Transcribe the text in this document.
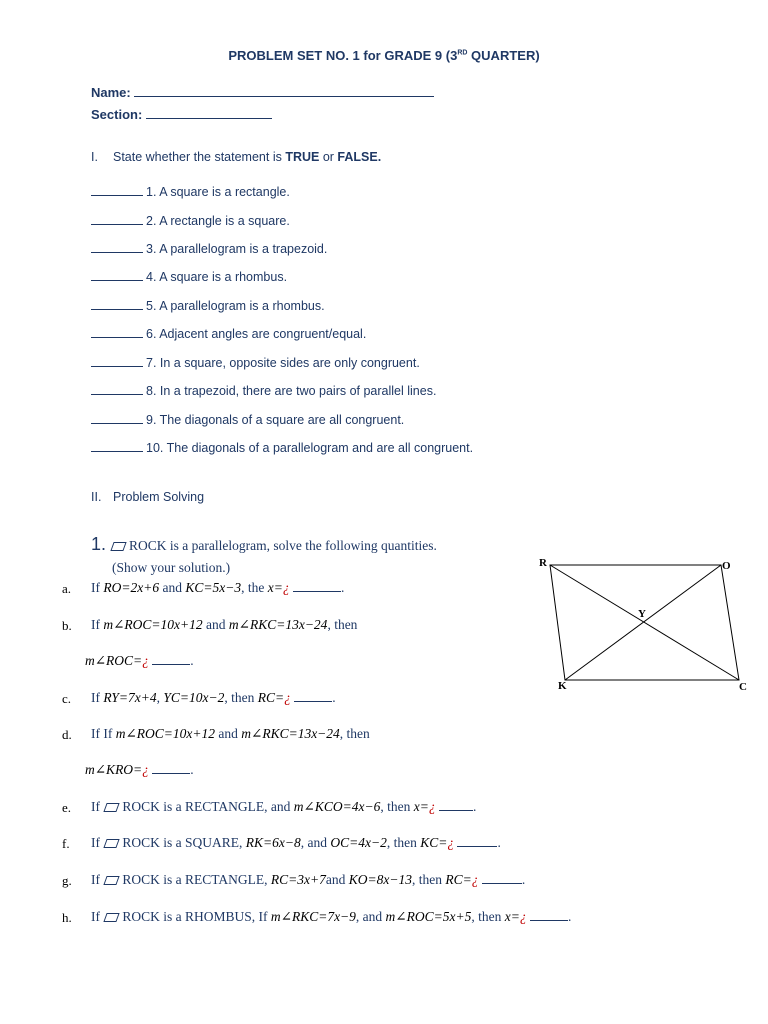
PROBLEM SET NO. 1 for GRADE 9 (3RD QUARTER)
Name:
Section:
I. State whether the statement is TRUE or FALSE.
1. A square is a rectangle.
2. A rectangle is a square.
3. A parallelogram is a trapezoid.
4. A square is a rhombus.
5. A parallelogram is a rhombus.
6. Adjacent angles are congruent/equal.
7. In a square, opposite sides are only congruent.
8. In a trapezoid, there are two pairs of parallel lines.
9. The diagonals of a square are all congruent.
10. The diagonals of a parallelogram and are all congruent.
II. Problem Solving
1. ROCK is a parallelogram, solve the following quantities.
(Show your solution.)
a. If RO=2x+6 and KC=5x−3, the x=¿	.
b. If m∠ROC=10x+12 and m∠RKC=13x−24, then
m∠ROC=¿	.
c. If RY=7x+4, YC=10x−2, then RC=¿	.
d. If If m∠ROC=10x+12 and m∠RKC=13x−24, then
m∠KRO=¿	.
e. If ROCK is a RECTANGLE, and m∠KCO=4x−6, then x=¿	.
f. If ROCK is a SQUARE, RK=6x−8, and OC=4x−2, then KC=¿	.
g. If ROCK is a RECTANGLE, RC=3x+7and KO=8x−13, then RC=¿	.
h. If ROCK is a RHOMBUS, If m∠RKC=7x−9, and m∠ROC=5x+5, then x=¿	.
R	O
C
K
Y
